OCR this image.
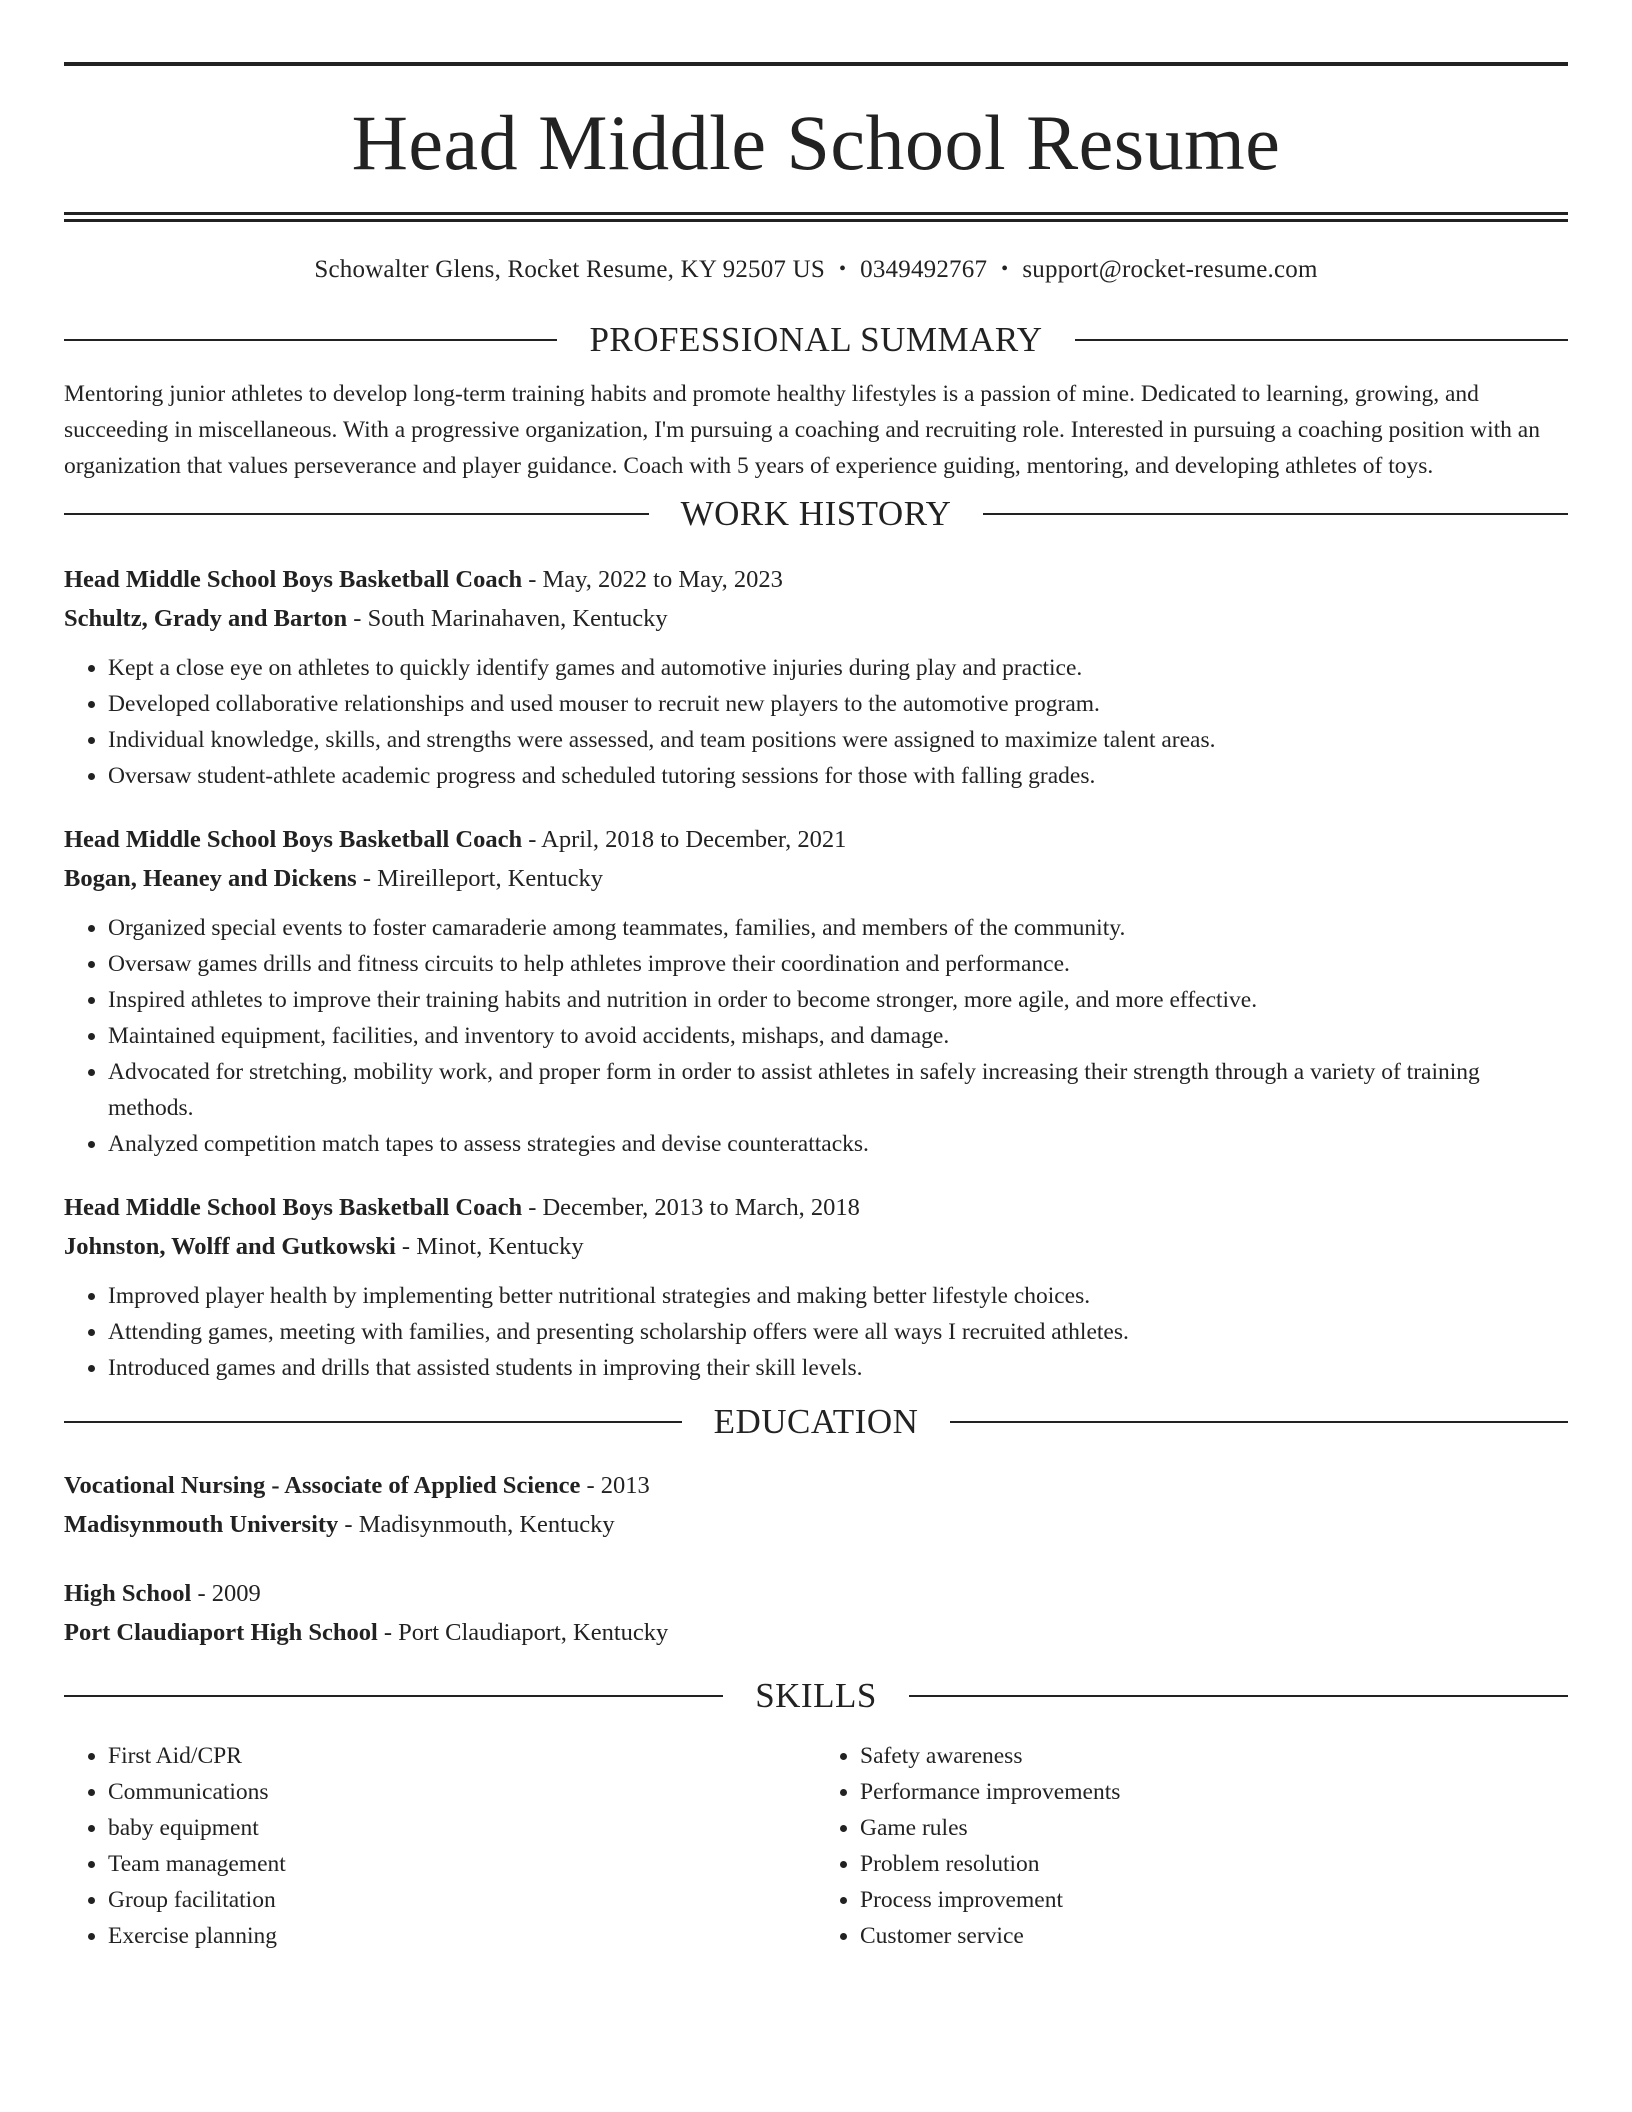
Head Middle School Resume
Schowalter Glens, Rocket Resume, KY 92507 US • 0349492767 • support@rocket-resume.com
PROFESSIONAL SUMMARY

Mentoring junior athletes to develop long-term training habits and promote healthy lifestyles is a passion of mine. Dedicated to learning, growing, and succeeding in miscellaneous. With a progressive organization, I'm pursuing a coaching and recruiting role. Interested in pursuing a coaching position with an organization that values perseverance and player guidance. Coach with 5 years of experience guiding, mentoring, and developing athletes of toys.

WORK HISTORY
Head Middle School Boys Basketball Coach - May, 2022 to May, 2023
Schultz, Grady and Barton - South Marinahaven, Kentucky
• Kept a close eye on athletes to quickly identify games and automotive injuries during play and practice.
• Developed collaborative relationships and used mouser to recruit new players to the automotive program.
• Individual knowledge, skills, and strengths were assessed, and team positions were assigned to maximize talent areas.
• Oversaw student-athlete academic progress and scheduled tutoring sessions for those with falling grades.
Head Middle School Boys Basketball Coach - April, 2018 to December, 2021
Bogan, Heaney and Dickens - Mireilleport, Kentucky
• Organized special events to foster camaraderie among teammates, families, and members of the community.
• Oversaw games drills and fitness circuits to help athletes improve their coordination and performance.
• Inspired athletes to improve their training habits and nutrition in order to become stronger, more agile, and more effective.
• Maintained equipment, facilities, and inventory to avoid accidents, mishaps, and damage.
• Advocated for stretching, mobility work, and proper form in order to assist athletes in safely increasing their strength through a variety of training methods.
• Analyzed competition match tapes to assess strategies and devise counterattacks.
Head Middle School Boys Basketball Coach - December, 2013 to March, 2018
Johnston, Wolff and Gutkowski - Minot, Kentucky
• Improved player health by implementing better nutritional strategies and making better lifestyle choices.
• Attending games, meeting with families, and presenting scholarship offers were all ways I recruited athletes.
• Introduced games and drills that assisted students in improving their skill levels.
EDUCATION
Vocational Nursing - Associate of Applied Science - 2013
Madisynmouth University - Madisynmouth, Kentucky
High School - 2009
Port Claudiaport High School - Port Claudiaport, Kentucky
SKILLS
• First Aid/CPR
• Communications
• baby equipment
• Team management
• Group facilitation
• Exercise planning
• Safety awareness
• Performance improvements
• Game rules
• Problem resolution
• Process improvement
• Customer service
